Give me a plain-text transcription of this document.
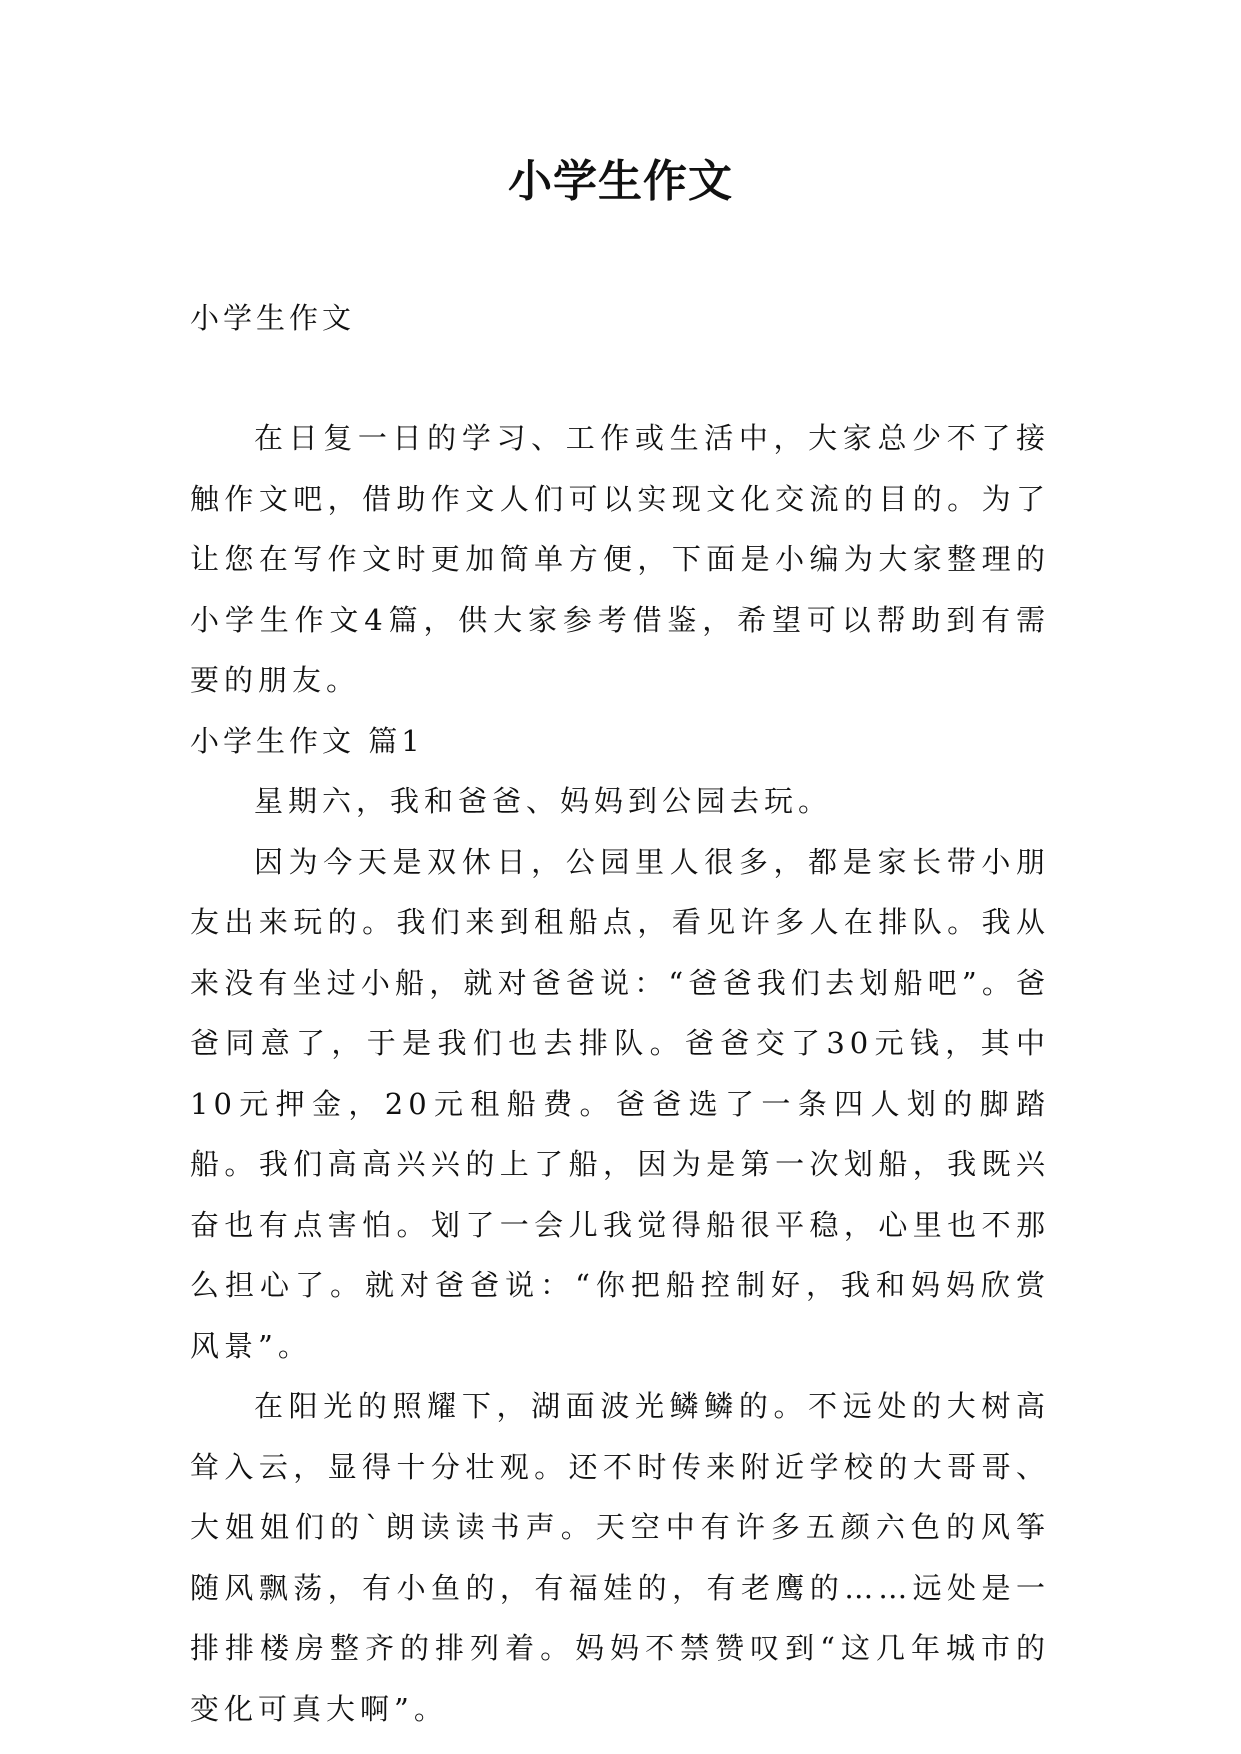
小学生作文

小学生作文

在日复一日的学习、工作或生活中，大家总少不了接触作文吧，借助作文人们可以实现文化交流的目的。为了让您在写作文时更加简单方便，下面是小编为大家整理的小学生作文4篇，供大家参考借鉴，希望可以帮助到有需要的朋友。

小学生作文 篇1

星期六，我和爸爸、妈妈到公园去玩。

因为今天是双休日，公园里人很多，都是家长带小朋友出来玩的。我们来到租船点，看见许多人在排队。我从来没有坐过小船，就对爸爸说：“爸爸我们去划船吧”。爸爸同意了，于是我们也去排队。爸爸交了30元钱，其中10元押金，20元租船费。爸爸选了一条四人划的脚踏船。我们高高兴兴的上了船，因为是第一次划船，我既兴奋也有点害怕。划了一会儿我觉得船很平稳，心里也不那么担心了。就对爸爸说：“你把船控制好，我和妈妈欣赏风景”。

在阳光的照耀下，湖面波光鳞鳞的。不远处的大树高耸入云，显得十分壮观。还不时传来附近学校的大哥哥、大姐姐们的`朗读读书声。天空中有许多五颜六色的风筝随风飘荡，有小鱼的，有福娃的，有老鹰的……远处是一排排楼房整齐的排列着。妈妈不禁赞叹到“这几年城市的变化可真大啊”。
